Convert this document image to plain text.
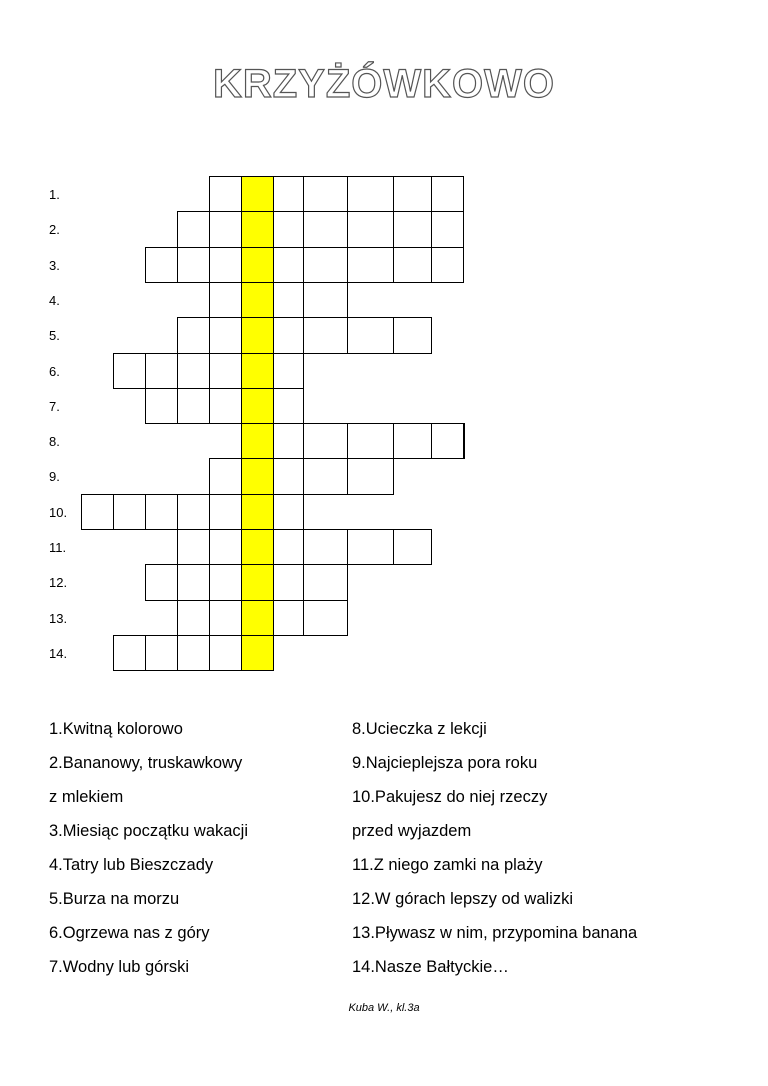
KRZYŻÓWKOWO
1.
2.
3.
4.
5.
6.
7.
8.
9.
10.
11.
12.
13.
14.
1.Kwitną kolorowo
2.Bananowy, truskawkowy
z mlekiem
3.Miesiąc początku wakacji
4.Tatry lub Bieszczady
5.Burza na morzu
6.Ogrzewa nas z góry
7.Wodny lub górski
8.Ucieczka z lekcji
9.Najcieplejsza pora roku
10.Pakujesz do niej rzeczy
przed wyjazdem
11.Z niego zamki na plaży
12.W górach lepszy od walizki
13.Pływasz w nim, przypomina banana
14.Nasze Bałtyckie…
Kuba W., kl.3a
